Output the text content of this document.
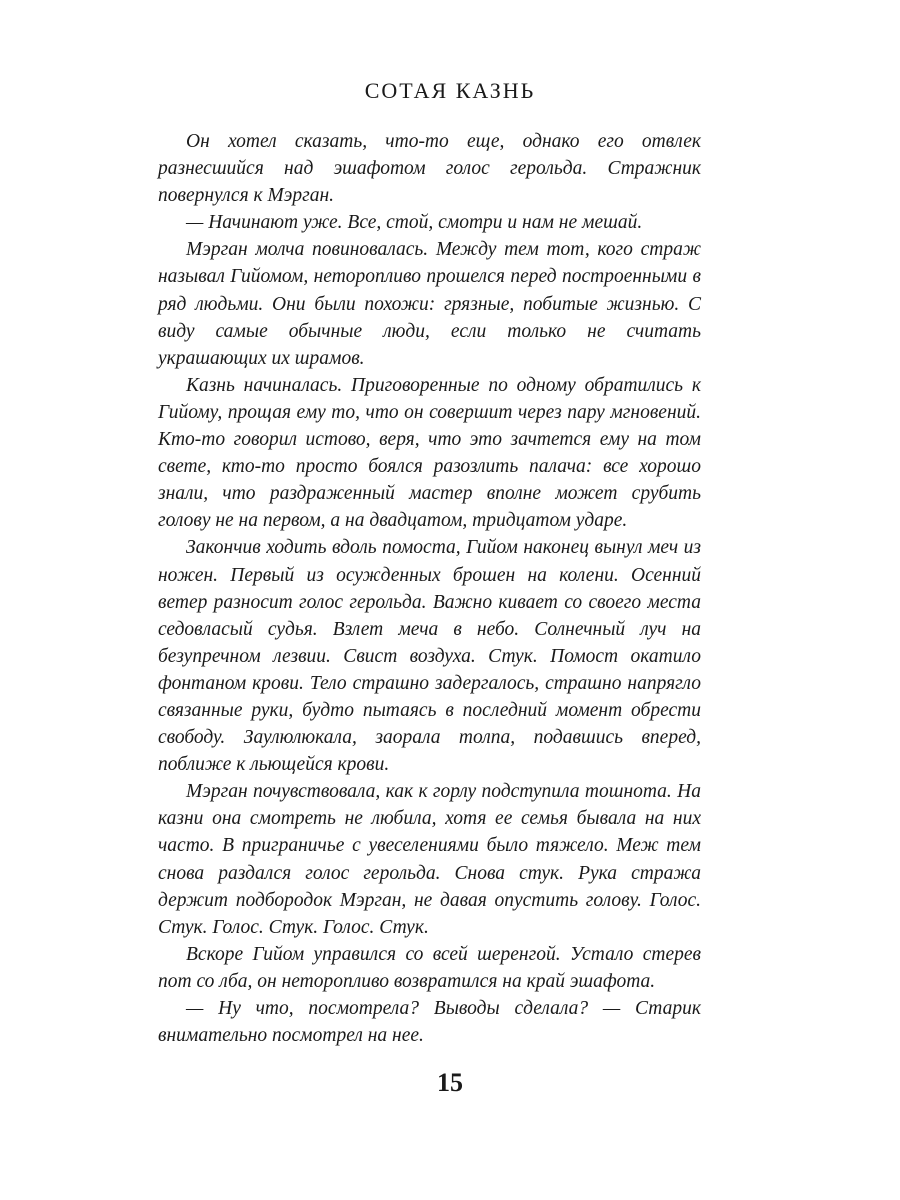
СОТАЯ КАЗНЬ

Он хотел сказать, что-то еще, однако его отвлек разнесшийся над эшафотом голос герольда. Стражник повернулся к Мэрган.

— Начинают уже. Все, стой, смотри и нам не мешай.

Мэрган молча повиновалась. Между тем тот, кого страж называл Гийомом, неторопливо прошелся перед построенными в ряд людьми. Они были похожи: грязные, побитые жизнью. С виду самые обычные люди, если только не считать украшающих их шрамов.

Казнь начиналась. Приговоренные по одному обратились к Гийому, прощая ему то, что он совершит через пару мгновений. Кто-то говорил истово, веря, что это зачтется ему на том свете, кто-то просто боялся разозлить палача: все хорошо знали, что раздраженный мастер вполне может срубить голову не на первом, а на двадцатом, тридцатом ударе.

Закончив ходить вдоль помоста, Гийом наконец вынул меч из ножен. Первый из осужденных брошен на колени. Осенний ветер разносит голос герольда. Важно кивает со своего места седовласый судья. Взлет меча в небо. Солнечный луч на безупречном лезвии. Свист воздуха. Стук. Помост окатило фонтаном крови. Тело страшно задергалось, страшно напрягло связанные руки, будто пытаясь в последний момент обрести свободу. Заулюлюкала, заорала толпа, подавшись вперед, поближе к льющейся крови.

Мэрган почувствовала, как к горлу подступила тошнота. На казни она смотреть не любила, хотя ее семья бывала на них часто. В приграничье с увеселениями было тяжело. Меж тем снова раздался голос герольда. Снова стук. Рука стража держит подбородок Мэрган, не давая опустить голову. Голос. Стук. Голос. Стук. Голос. Стук.

Вскоре Гийом управился со всей шеренгой. Устало стерев пот со лба, он неторопливо возвратился на край эшафота.

— Ну что, посмотрела? Выводы сделала? — Старик внимательно посмотрел на нее.

15
